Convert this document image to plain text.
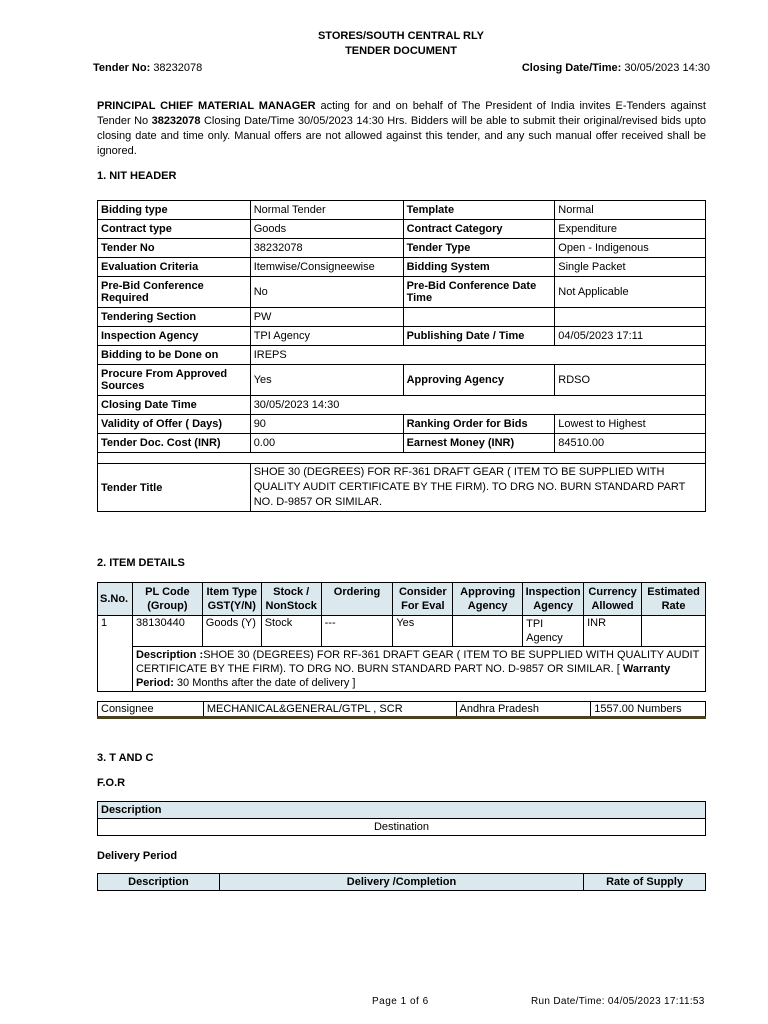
STORES/SOUTH CENTRAL RLY
TENDER DOCUMENT
Tender No: 38232078	Closing Date/Time: 30/05/2023 14:30
PRINCIPAL CHIEF MATERIAL MANAGER acting for and on behalf of The President of India invites E-Tenders against Tender No 38232078 Closing Date/Time 30/05/2023 14:30 Hrs. Bidders will be able to submit their original/revised bids upto closing date and time only. Manual offers are not allowed against this tender, and any such manual offer received shall be ignored.
1. NIT HEADER
Bidding type	Normal Tender	Template	Normal
Contract type	Goods	Contract Category	Expenditure
Tender No	38232078	Tender Type	Open - Indigenous
Evaluation Criteria	Itemwise/Consigneewise	Bidding System	Single Packet
Pre-Bid Conference Required	No	Pre-Bid Conference Date Time	Not Applicable
Tendering Section	PW		
Inspection Agency	TPI Agency	Publishing Date / Time	04/05/2023 17:11
Bidding to be Done on	IREPS		
Procure From Approved Sources	Yes	Approving Agency	RDSO
Closing Date Time	30/05/2023 14:30		
Validity of Offer ( Days)	90	Ranking Order for Bids	Lowest to Highest
Tender Doc. Cost (INR)	0.00	Earnest Money (INR)	84510.00

Tender Title	SHOE 30 (DEGREES) FOR RF-361 DRAFT GEAR ( ITEM TO BE SUPPLIED WITH QUALITY AUDIT CERTIFICATE BY THE FIRM). TO DRG NO. BURN STANDARD PART NO. D-9857 OR SIMILAR.		
2. ITEM DETAILS
S.No.	PL Code (Group)	Item Type GST(Y/N)	Stock / NonStock	Ordering	Consider For Eval	Approving Agency	Inspection Agency	Currency Allowed	Estimated Rate
1	38130440	Goods (Y)	Stock	---	Yes		TPI Agency	INR	
	Description :SHOE 30 (DEGREES) FOR RF-361 DRAFT GEAR ( ITEM TO BE SUPPLIED WITH QUALITY AUDIT CERTIFICATE BY THE FIRM). TO DRG NO. BURN STANDARD PART NO. D-9857 OR SIMILAR. [ Warranty Period: 30 Months after the date of delivery ]								
Consignee	MECHANICAL&GENERAL/GTPL , SCR	Andhra Pradesh	1557.00 Numbers
3. T AND C
F.O.R
Description
Destination
Delivery Period
Description	Delivery /Completion	Rate of Supply
Page 1 of 6	Run Date/Time: 04/05/2023 17:11:53
